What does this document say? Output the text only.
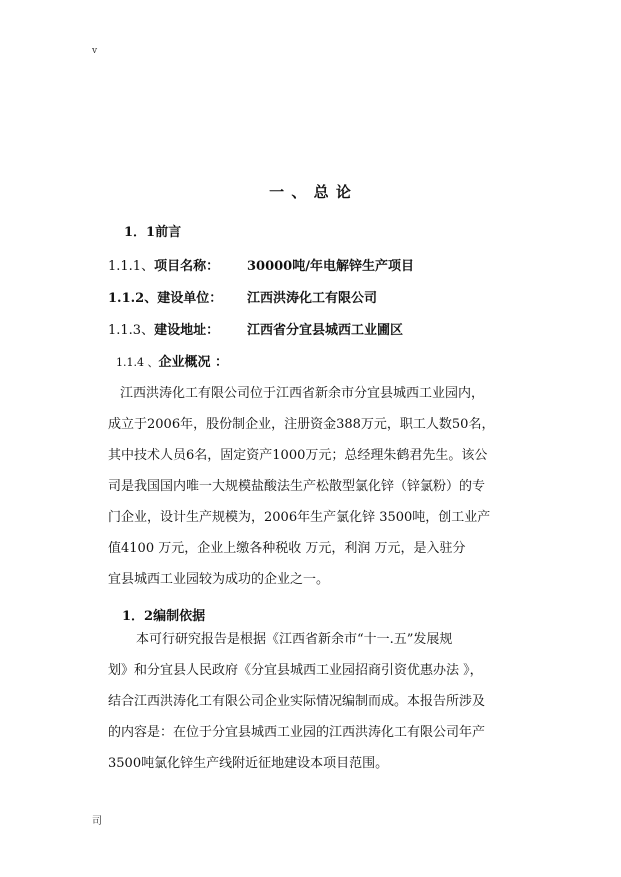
v
一 、 总 论
1．1前言
1.1.1、项目名称： 30000吨/年电解锌生产项目
1.1.2、建设单位： 江西洪涛化工有限公司
1.1.3、建设地址： 江西省分宜县城西工业圃区
1.1.4 、企业概况 ：
江西洪涛化工有限公司位于江西省新余市分宜县城西工业园内，
成立于2006年，股份制企业，注册资金388万元，职工人数50名，
其中技术人员6名，固定资产1000万元；总经理朱鹤君先生。该公
司是我国国内唯一大规模盐酸法生产松散型氯化锌（锌氯粉）的专
门企业，设计生产规模为，2006年生产氯化锌 3500吨，创工业产
值4100 万元，企业上缴各种税收 万元，利润 万元，是入驻分
宜县城西工业园较为成功的企业之一。
1．2编制依据
本可行研究报告是根据《江西省新余市“十一.五”发展规
划》和分宜县人民政府《分宜县城西工业园招商引资优惠办法 》，
结合江西洪涛化工有限公司企业实际情况编制而成。本报告所涉及
的内容是：在位于分宜县城西工业园的江西洪涛化工有限公司年产
3500吨氯化锌生产线附近征地建设本项目范围。
司
